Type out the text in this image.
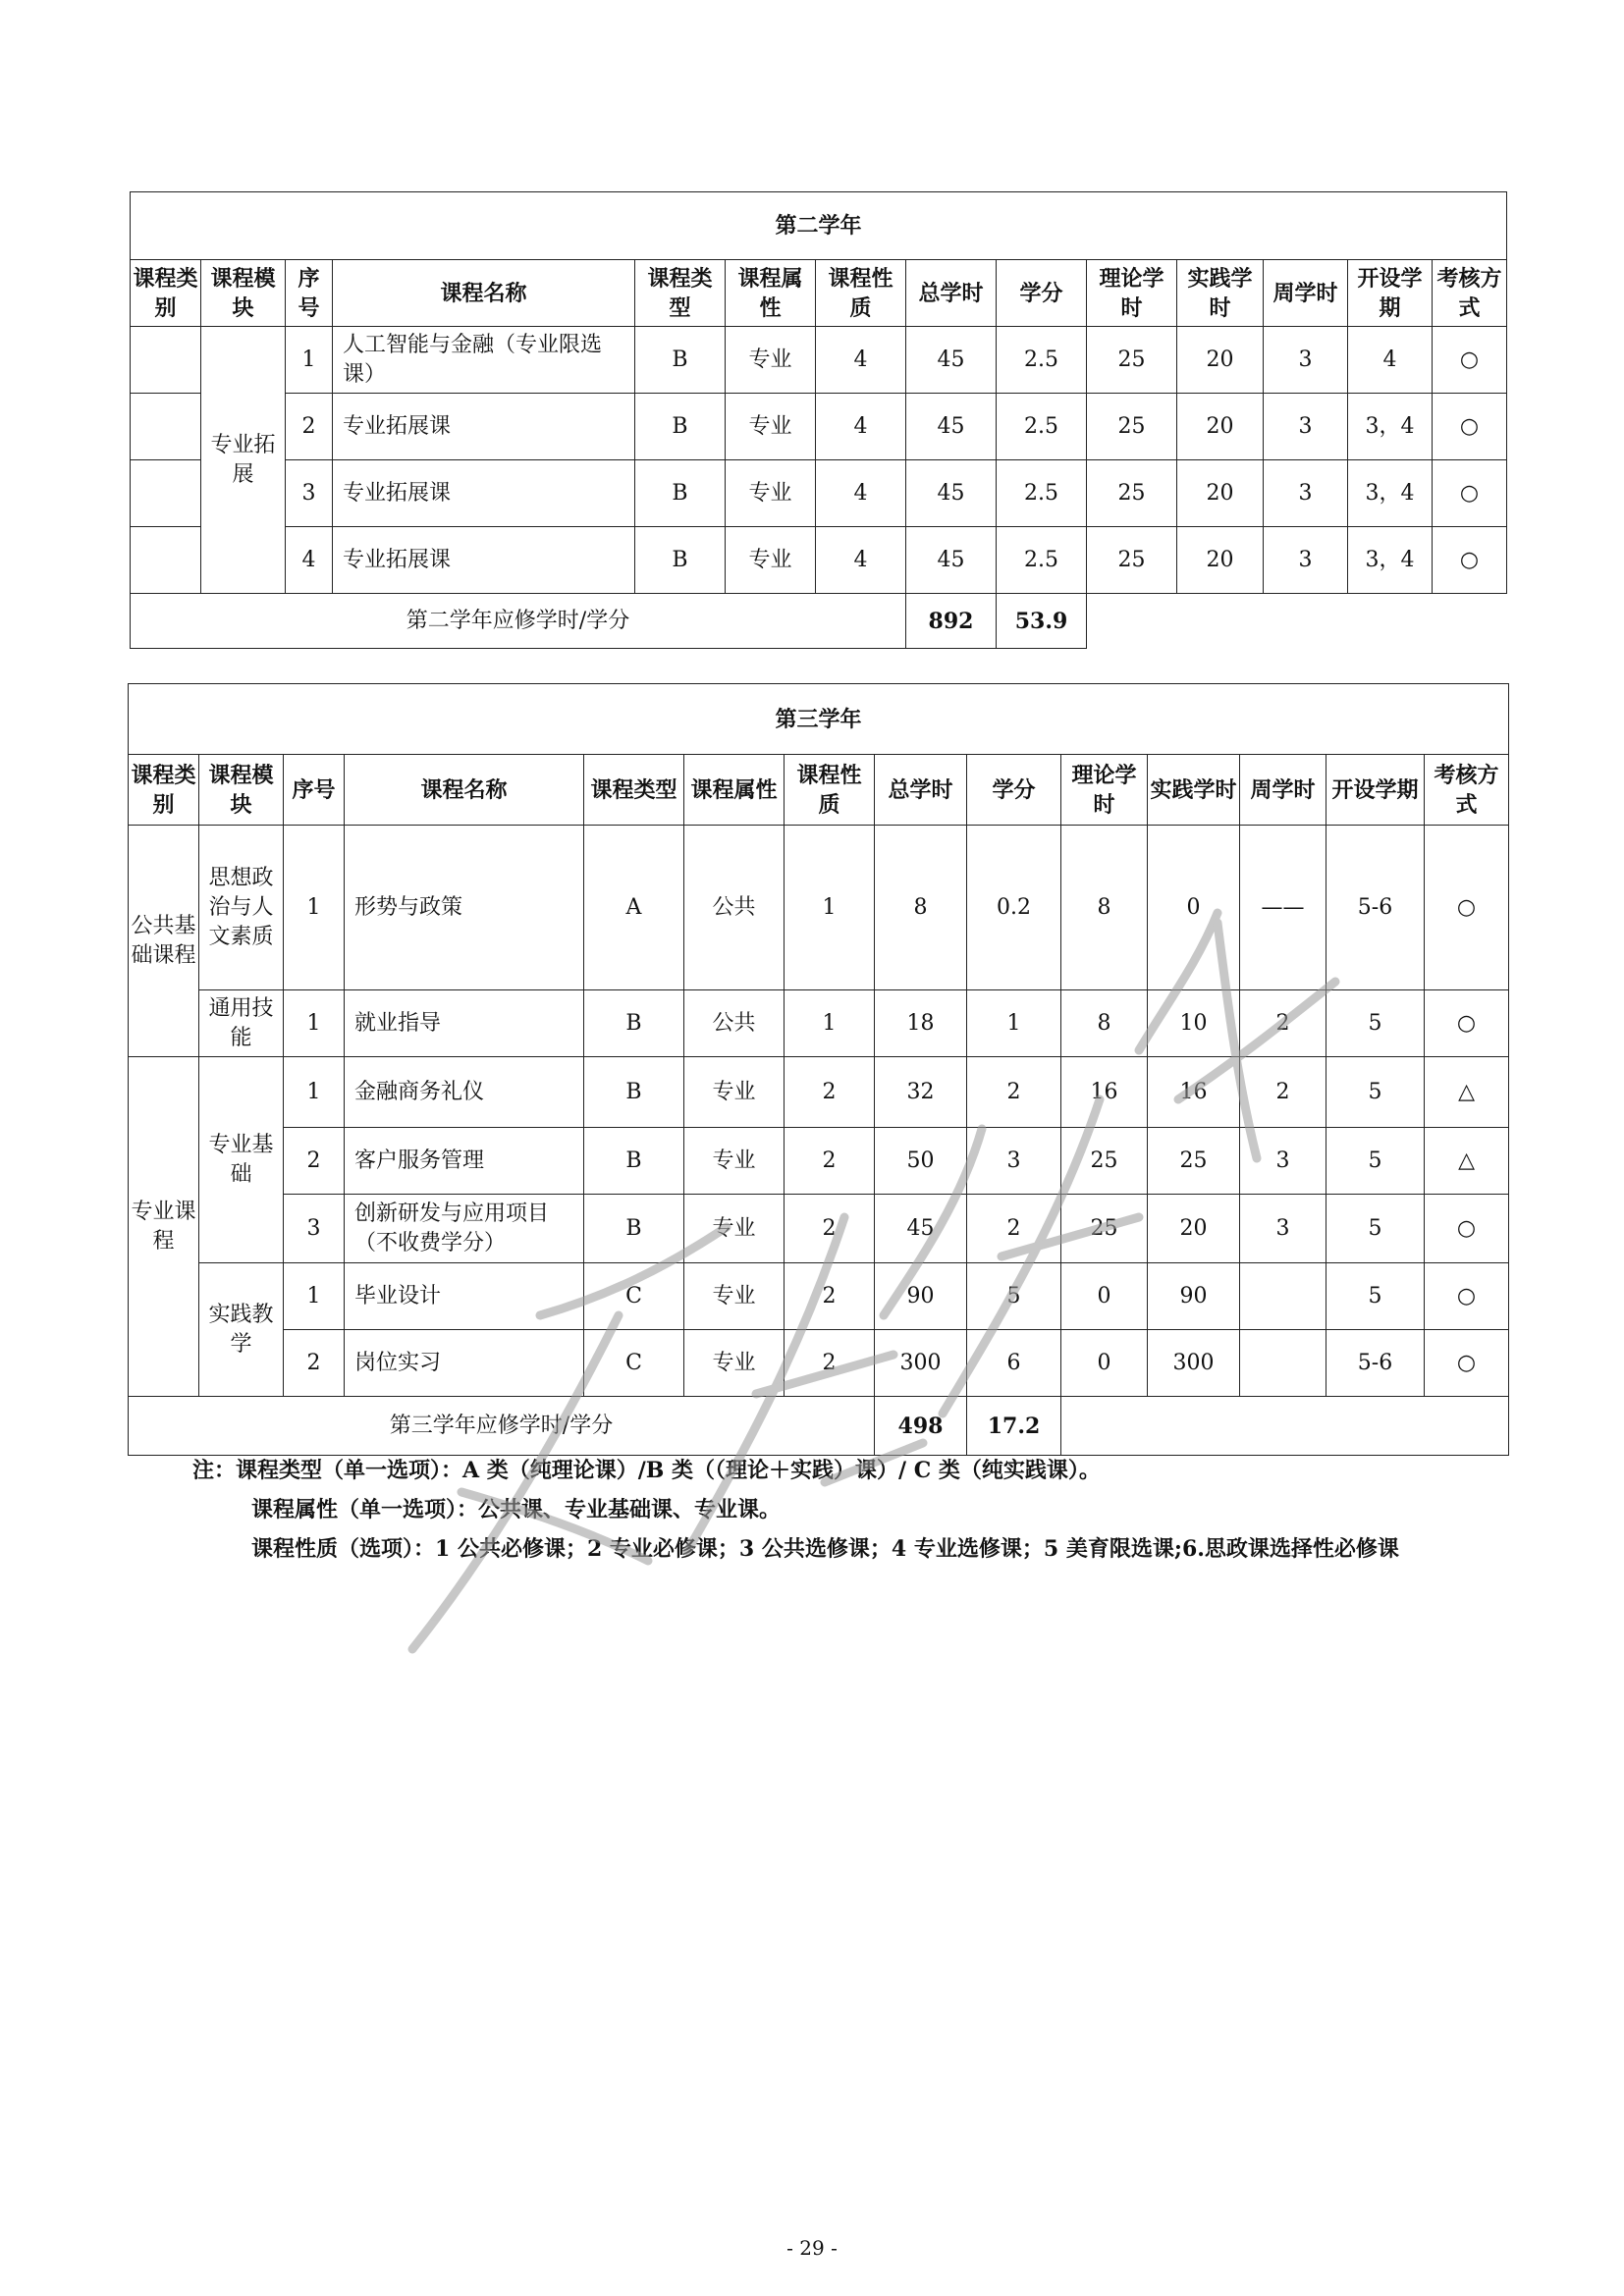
第二学年													
课程类别	课程模块	序号	课程名称	课程类型	课程属性	课程性质	总学时	学分	理论学时	实践学时	周学时	开设学期	考核方式
	专业拓展	1	人工智能与金融（专业限选课）	B	专业	4	45	2.5	25	20	3	4	○
		2	专业拓展课	B	专业	4	45	2.5	25	20	3	3，4	○
		3	专业拓展课	B	专业	4	45	2.5	25	20	3	3，4	○
		4	专业拓展课	B	专业	4	45	2.5	25	20	3	3，4	○
第二学年应修学时/学分							892	53.9					
第三学年													
课程类别	课程模块	序号	课程名称	课程类型	课程属性	课程性质	总学时	学分	理论学时	实践学时	周学时	开设学期	考核方式
公共基础课程	思想政治与人文素质	1	形势与政策	A	公共	1	8	0.2	8	0	——	5-6	○
	通用技能	1	就业指导	B	公共	1	18	1	8	10	2	5	○
专业课程	专业基础	1	金融商务礼仪	B	专业	2	32	2	16	16	2	5	△
		2	客户服务管理	B	专业	2	50	3	25	25	3	5	△
		3	创新研发与应用项目（不收费学分）	B	专业	2	45	2	25	20	3	5	○
	实践教学	1	毕业设计	C	专业	2	90	5	0	90		5	○
		2	岗位实习	C	专业	2	300	6	0	300		5-6	○
第三学年应修学时/学分							498	17.2					

注：课程类型（单一选项）：A 类（纯理论课）/B 类（（理论＋实践）课）/ C 类（纯实践课）。

课程属性（单一选项）：公共课、专业基础课、专业课。

课程性质（选项）：1 公共必修课；2 专业必修课；3 公共选修课；4 专业选修课；5 美育限选课;6.思政课选择性必修课

- 29 -
